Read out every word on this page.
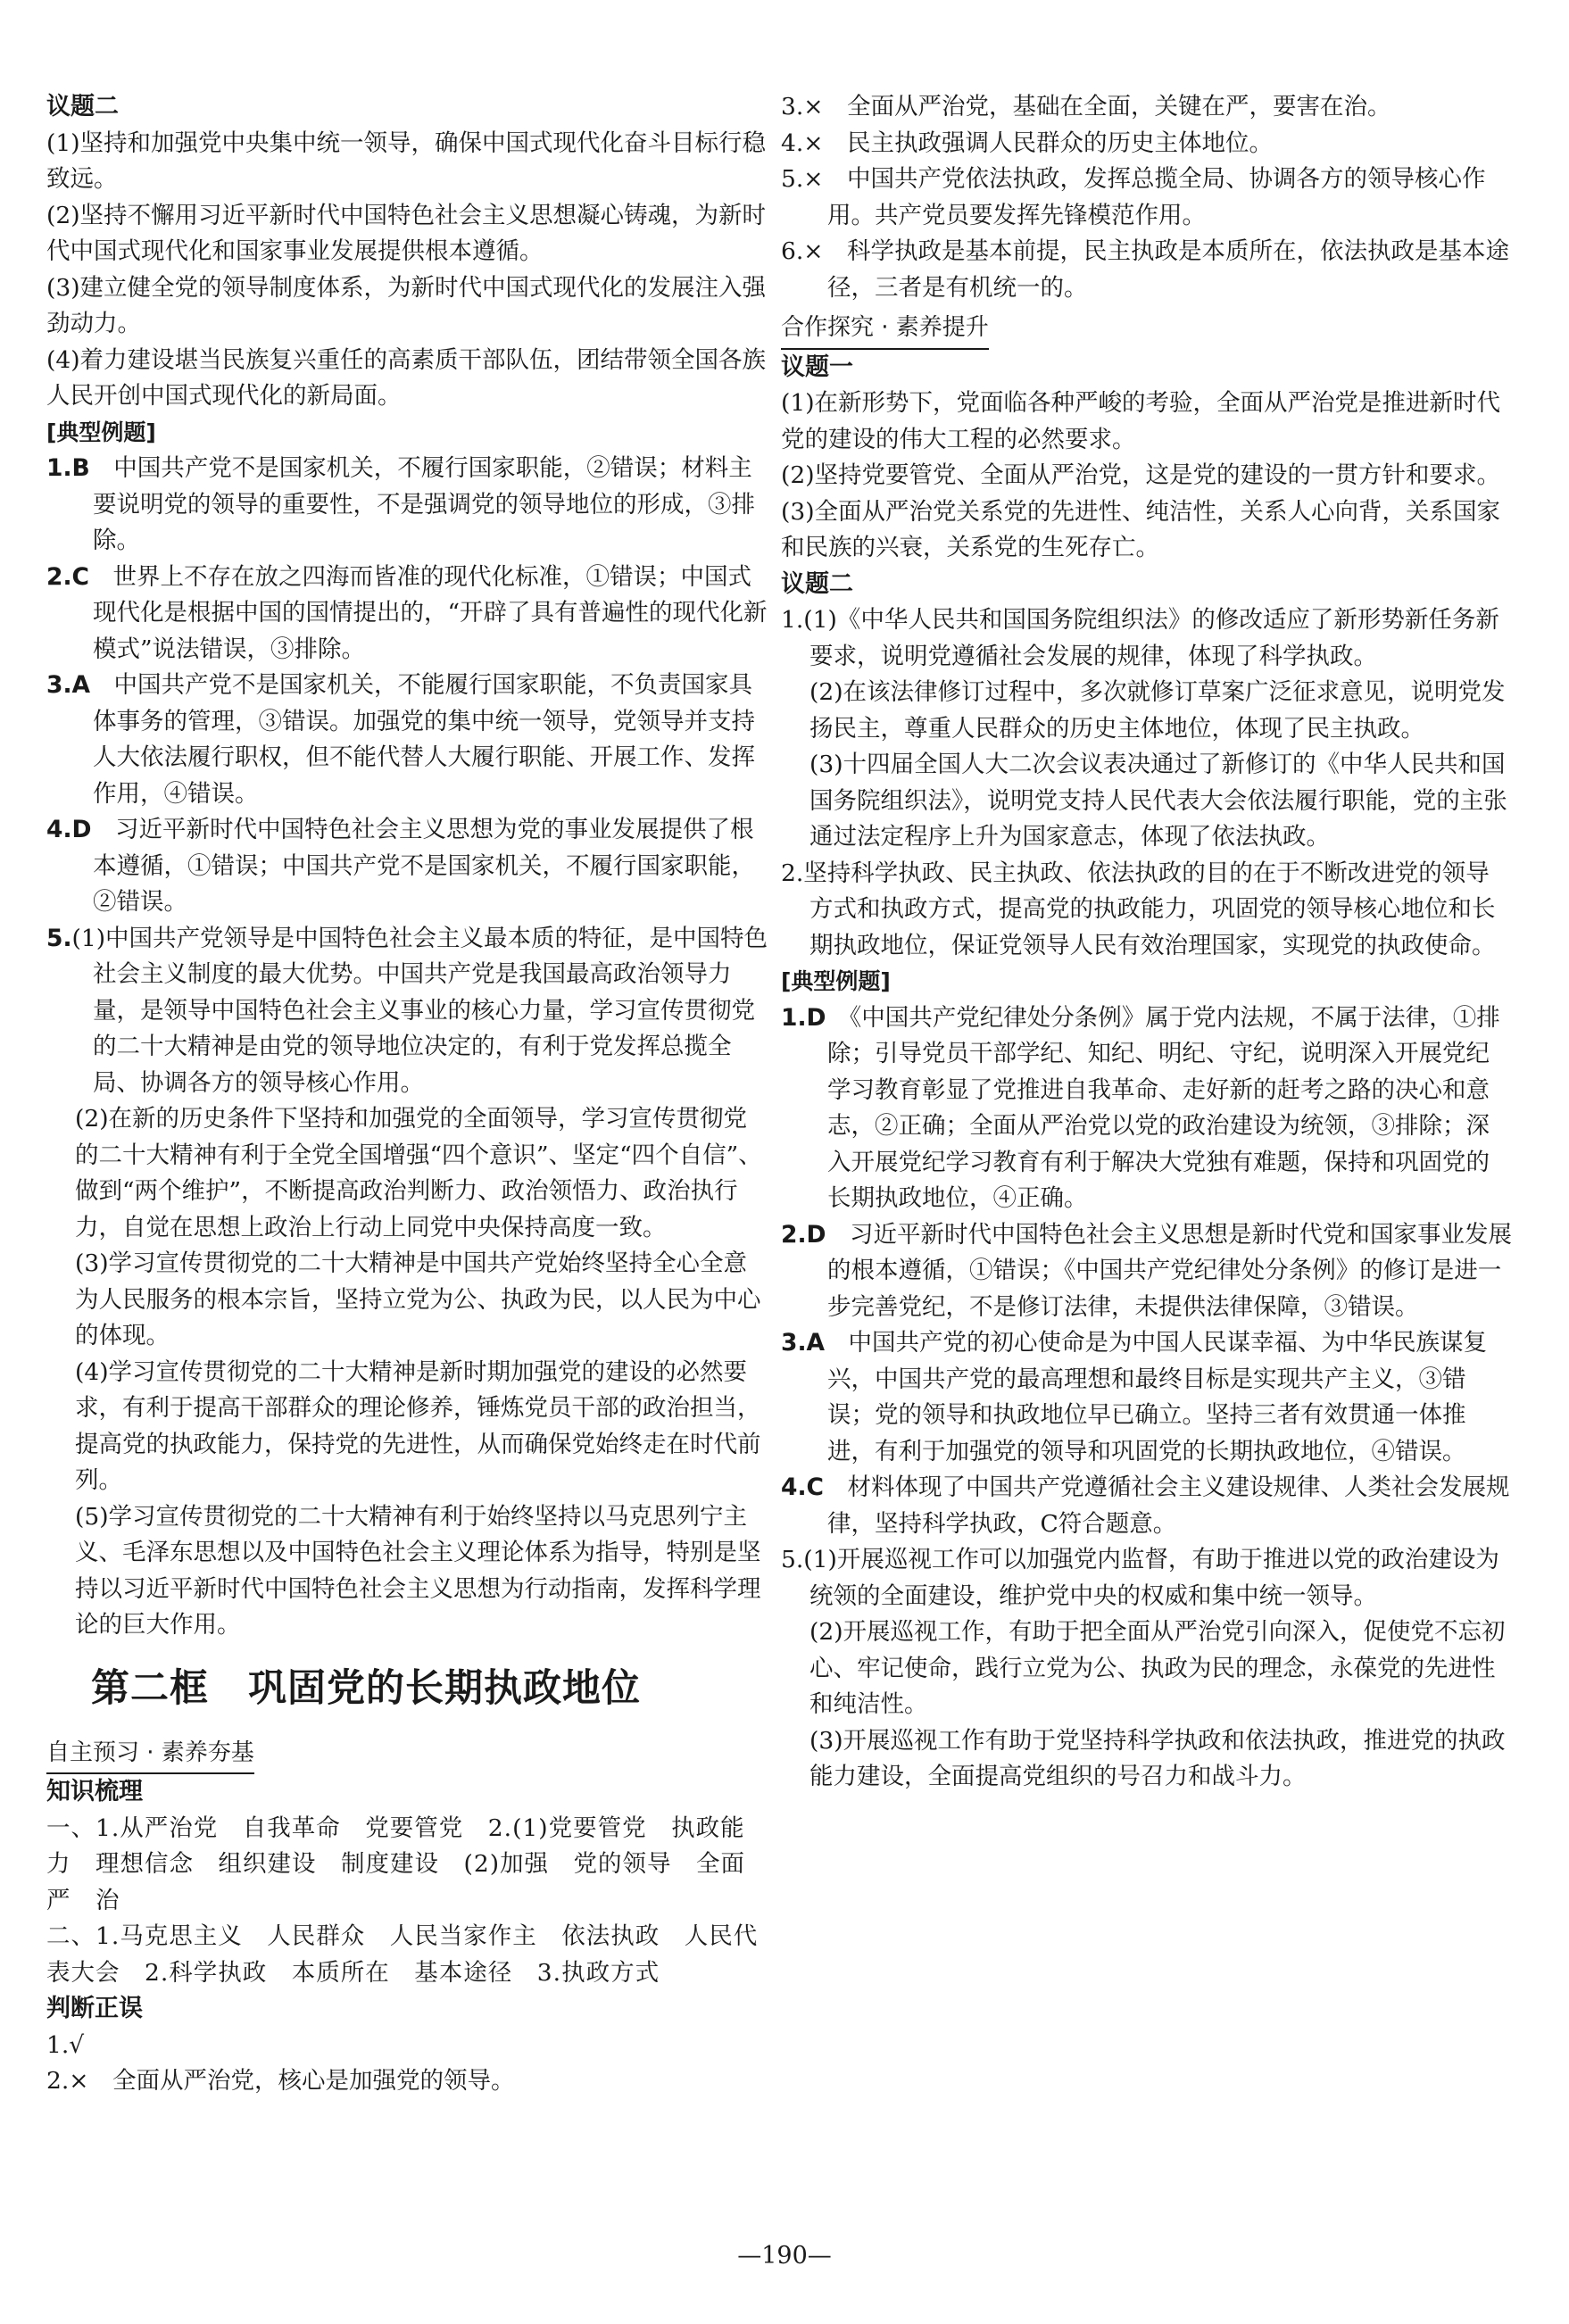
议题二
(1)坚持和加强党中央集中统一领导，确保中国式现代化奋斗目标行稳致远。
(2)坚持不懈用习近平新时代中国特色社会主义思想凝心铸魂，为新时代中国式现代化和国家事业发展提供根本遵循。
(3)建立健全党的领导制度体系，为新时代中国式现代化的发展注入强劲动力。
(4)着力建设堪当民族复兴重任的高素质干部队伍，团结带领全国各族人民开创中国式现代化的新局面。
[典型例题]
1.B　 中国共产党不是国家机关，不履行国家职能，②错误；材料主要说明党的领导的重要性，不是强调党的领导地位的形成，③排除。
2.C　 世界上不存在放之四海而皆准的现代化标准，①错误；中国式现代化是根据中国的国情提出的，“开辟了具有普遍性的现代化新模式”说法错误，③排除。
3.A　 中国共产党不是国家机关，不能履行国家职能，不负责国家具体事务的管理，③错误。加强党的集中统一领导，党领导并支持人大依法履行职权，但不能代替人大履行职能、开展工作、发挥作用，④错误。
4.D　 习近平新时代中国特色社会主义思想为党的事业发展提供了根本遵循，①错误；中国共产党不是国家机关，不履行国家职能，②错误。
5.(1)中国共产党领导是中国特色社会主义最本质的特征，是中国特色社会主义制度的最大优势。中国共产党是我国最高政治领导力量，是领导中国特色社会主义事业的核心力量，学习宣传贯彻党的二十大精神是由党的领导地位决定的，有利于党发挥总揽全局、协调各方的领导核心作用。
(2)在新的历史条件下坚持和加强党的全面领导，学习宣传贯彻党的二十大精神有利于全党全国增强“四个意识”、坚定“四个自信”、做到“两个维护”，不断提高政治判断力、政治领悟力、政治执行力，自觉在思想上政治上行动上同党中央保持高度一致。
(3)学习宣传贯彻党的二十大精神是中国共产党始终坚持全心全意为人民服务的根本宗旨，坚持立党为公、执政为民，以人民为中心的体现。
(4)学习宣传贯彻党的二十大精神是新时期加强党的建设的必然要求，有利于提高干部群众的理论修养，锤炼党员干部的政治担当，提高党的执政能力，保持党的先进性，从而确保党始终走在时代前列。
(5)学习宣传贯彻党的二十大精神有利于始终坚持以马克思列宁主义、毛泽东思想以及中国特色社会主义理论体系为指导，特别是坚持以习近平新时代中国特色社会主义思想为行动指南，发挥科学理论的巨大作用。
第二框　巩固党的长期执政地位
自主预习 · 素养夯基
知识梳理
一、1.从严治党　自我革命　党要管党　2.(1)党要管党　执政能力　理想信念　组织建设　制度建设　(2)加强　党的领导　全面　严　治
二、1.马克思主义　人民群众　人民当家作主　依法执政　人民代表大会　2.科学执政　本质所在　基本途径　3.执政方式
判断正误
1.√
2.×　 全面从严治党，核心是加强党的领导。
3.×　 全面从严治党，基础在全面，关键在严，要害在治。
4.×　 民主执政强调人民群众的历史主体地位。
5.×　 中国共产党依法执政，发挥总揽全局、协调各方的领导核心作用。共产党员要发挥先锋模范作用。
6.×　 科学执政是基本前提，民主执政是本质所在，依法执政是基本途径，三者是有机统一的。
合作探究 · 素养提升
议题一
(1)在新形势下，党面临各种严峻的考验，全面从严治党是推进新时代党的建设的伟大工程的必然要求。
(2)坚持党要管党、全面从严治党，这是党的建设的一贯方针和要求。
(3)全面从严治党关系党的先进性、纯洁性，关系人心向背，关系国家和民族的兴衰，关系党的生死存亡。
议题二
1.(1)《中华人民共和国国务院组织法》的修改适应了新形势新任务新要求，说明党遵循社会发展的规律，体现了科学执政。
(2)在该法律修订过程中，多次就修订草案广泛征求意见，说明党发扬民主，尊重人民群众的历史主体地位，体现了民主执政。
(3)十四届全国人大二次会议表决通过了新修订的《中华人民共和国国务院组织法》，说明党支持人民代表大会依法履行职能，党的主张通过法定程序上升为国家意志，体现了依法执政。
2.坚持科学执政、民主执政、依法执政的目的在于不断改进党的领导方式和执政方式，提高党的执政能力，巩固党的领导核心地位和长期执政地位，保证党领导人民有效治理国家，实现党的执政使命。
[典型例题]
1.D　 《中国共产党纪律处分条例》属于党内法规，不属于法律，①排除；引导党员干部学纪、知纪、明纪、守纪，说明深入开展党纪学习教育彰显了党推进自我革命、走好新的赶考之路的决心和意志，②正确；全面从严治党以党的政治建设为统领，③排除；深入开展党纪学习教育有利于解决大党独有难题，保持和巩固党的长期执政地位，④正确。
2.D　 习近平新时代中国特色社会主义思想是新时代党和国家事业发展的根本遵循，①错误；《中国共产党纪律处分条例》的修订是进一步完善党纪，不是修订法律，未提供法律保障，③错误。
3.A　 中国共产党的初心使命是为中国人民谋幸福、为中华民族谋复兴，中国共产党的最高理想和最终目标是实现共产主义，③错误；党的领导和执政地位早已确立。坚持三者有效贯通一体推进，有利于加强党的领导和巩固党的长期执政地位，④错误。
4.C　 材料体现了中国共产党遵循社会主义建设规律、人类社会发展规律，坚持科学执政，C符合题意。
5.(1)开展巡视工作可以加强党内监督，有助于推进以党的政治建设为统领的全面建设，维护党中央的权威和集中统一领导。
(2)开展巡视工作，有助于把全面从严治党引向深入，促使党不忘初心、牢记使命，践行立党为公、执政为民的理念，永葆党的先进性和纯洁性。
(3)开展巡视工作有助于党坚持科学执政和依法执政，推进党的执政能力建设，全面提高党组织的号召力和战斗力。
—190—
